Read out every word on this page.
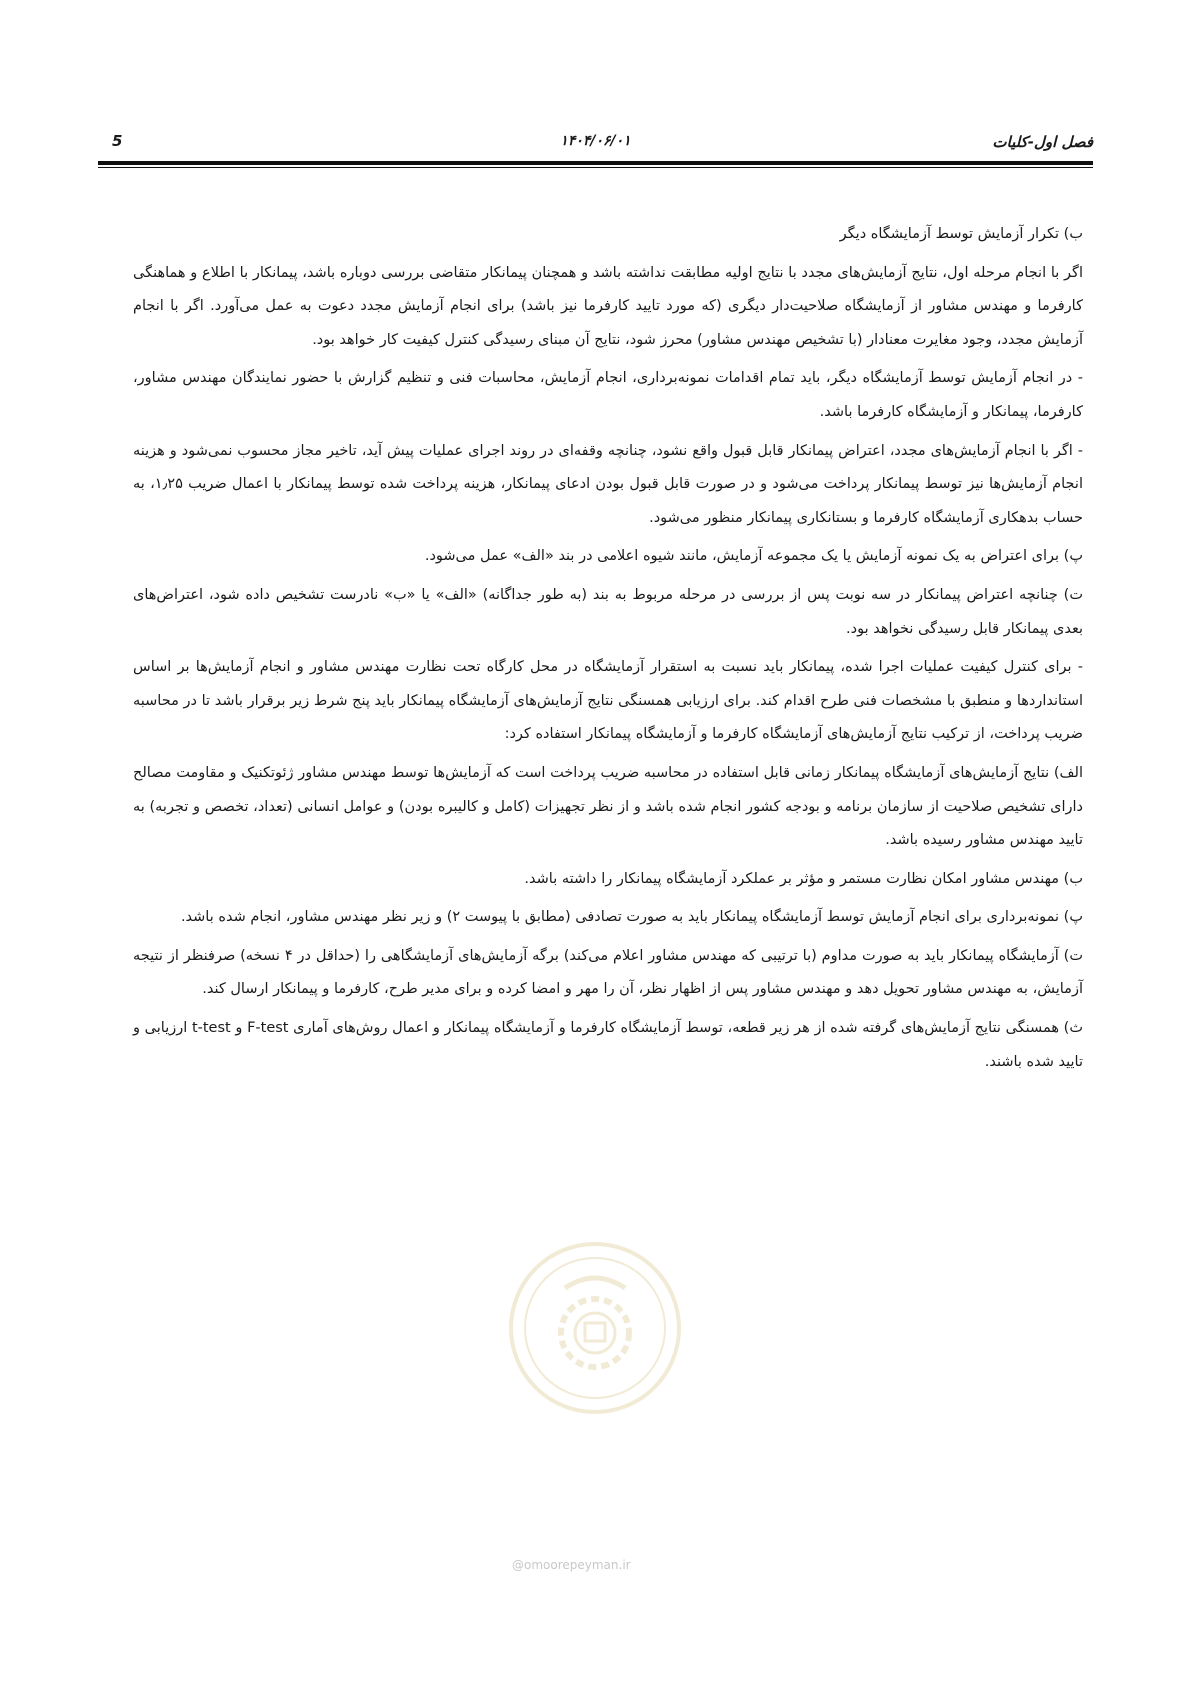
فصل اول-کلیات
۱۴۰۴/۰۶/۰۱
5

ب) تکرار آزمایش توسط آزمایشگاه دیگر

اگر با انجام مرحله اول، نتایج آزمایش‌های مجدد با نتایج اولیه مطابقت نداشته باشد و همچنان پیمانکار متقاضی بررسی دوباره باشد، پیمانکار با اطلاع و هماهنگی کارفرما و مهندس مشاور از آزمایشگاه صلاحیت‌دار دیگری (که مورد تایید کارفرما نیز باشد) برای انجام آزمایش مجدد دعوت به عمل می‌آورد. اگر با انجام آزمایش مجدد، وجود مغایرت معنادار (با تشخیص مهندس مشاور) محرز شود، نتایج آن مبنای رسیدگی کنترل کیفیت کار خواهد بود.

- در انجام آزمایش توسط آزمایشگاه دیگر، باید تمام اقدامات نمونه‌برداری، انجام آزمایش، محاسبات فنی و تنظیم گزارش با حضور نمایندگان مهندس مشاور، کارفرما، پیمانکار و آزمایشگاه کارفرما باشد.

- اگر با انجام آزمایش‌های مجدد، اعتراض پیمانکار قابل قبول واقع نشود، چنانچه وقفه‌ای در روند اجرای عملیات پیش آید، تاخیر مجاز محسوب نمی‌شود و هزینه انجام آزمایش‌ها نیز توسط پیمانکار پرداخت می‌شود و در صورت قابل قبول بودن ادعای پیمانکار، هزینه پرداخت شده توسط پیمانکار با اعمال ضریب ۱٫۲۵، به حساب بدهکاری آزمایشگاه کارفرما و بستانکاری پیمانکار منظور می‌شود.

پ) برای اعتراض به یک نمونه آزمایش یا یک مجموعه آزمایش، مانند شیوه اعلامی در بند «الف» عمل می‌شود.

ت) چنانچه اعتراض پیمانکار در سه نوبت پس از بررسی در مرحله مربوط به بند (به طور جداگانه) «الف» یا «ب» نادرست تشخیص داده شود، اعتراض‌های بعدی پیمانکار قابل رسیدگی نخواهد بود.

- برای کنترل کیفیت عملیات اجرا شده، پیمانکار باید نسبت به استقرار آزمایشگاه در محل کارگاه تحت نظارت مهندس مشاور و انجام آزمایش‌ها بر اساس استانداردها و منطبق با مشخصات فنی طرح اقدام کند. برای ارزیابی همسنگی نتایج آزمایش‌های آزمایشگاه پیمانکار باید پنج شرط زیر برقرار باشد تا در محاسبه ضریب پرداخت، از ترکیب نتایج آزمایش‌های آزمایشگاه کارفرما و آزمایشگاه پیمانکار استفاده کرد:

الف) نتایج آزمایش‌های آزمایشگاه پیمانکار زمانی قابل استفاده در محاسبه ضریب پرداخت است که آزمایش‌ها توسط مهندس مشاور ژئوتکنیک و مقاومت مصالح دارای تشخیص صلاحیت از سازمان برنامه و بودجه کشور انجام شده باشد و از نظر تجهیزات (کامل و کالیبره بودن) و عوامل انسانی (تعداد، تخصص و تجربه) به تایید مهندس مشاور رسیده باشد.

ب) مهندس مشاور امکان نظارت مستمر و مؤثر بر عملکرد آزمایشگاه پیمانکار را داشته باشد.

پ) نمونه‌برداری برای انجام آزمایش توسط آزمایشگاه پیمانکار باید به صورت تصادفی (مطابق با پیوست ۲) و زیر نظر مهندس مشاور، انجام شده باشد.

ت) آزمایشگاه پیمانکار باید به صورت مداوم (با ترتیبی که مهندس مشاور اعلام می‌کند) برگه آزمایش‌های آزمایشگاهی را (حداقل در ۴ نسخه) صرفنظر از نتیجه آزمایش، به مهندس مشاور تحویل دهد و مهندس مشاور پس از اظهار نظر، آن را مهر و امضا کرده و برای مدیر طرح، کارفرما و پیمانکار ارسال کند.

ث) همسنگی نتایج آزمایش‌های گرفته شده از هر زیر قطعه، توسط آزمایشگاه کارفرما و آزمایشگاه پیمانکار و اعمال روش‌های آماری F-test و t-test ارزیابی و تایید شده باشند.

@omoorepeyman.ir
